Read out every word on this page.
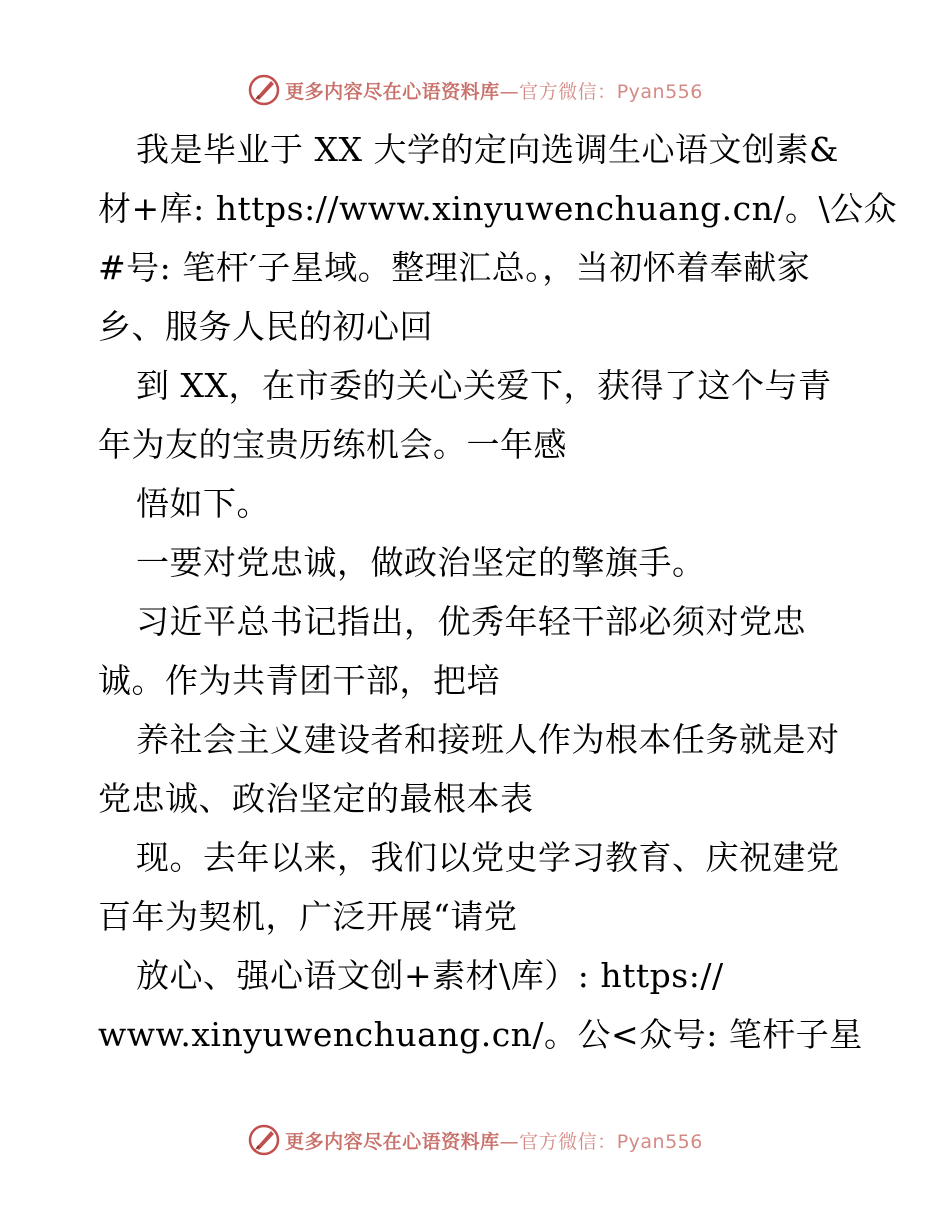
更多内容尽在心语资料库—官方微信：Pyan556
我是毕业于 XX 大学的定向选调生心语文创素&
材+库: https://www.xinyuwenchuang.cn/。\公众
#号: 笔杆′子星域。整理汇总。，当初怀着奉献家
乡、服务人民的初心回
到 XX，在市委的关心关爱下，获得了这个与青
年为友的宝贵历练机会。一年感
悟如下。
一要对党忠诚，做政治坚定的擎旗手。
习近平总书记指出，优秀年轻干部必须对党忠
诚。作为共青团干部，把培
养社会主义建设者和接班人作为根本任务就是对
党忠诚、政治坚定的最根本表
现。去年以来，我们以党史学习教育、庆祝建党
百年为契机，广泛开展“请党
放心、强心语文创+素材\库）: https://
www.xinyuwenchuang.cn/。公<众号: 笔杆子星
更多内容尽在心语资料库—官方微信：Pyan556
